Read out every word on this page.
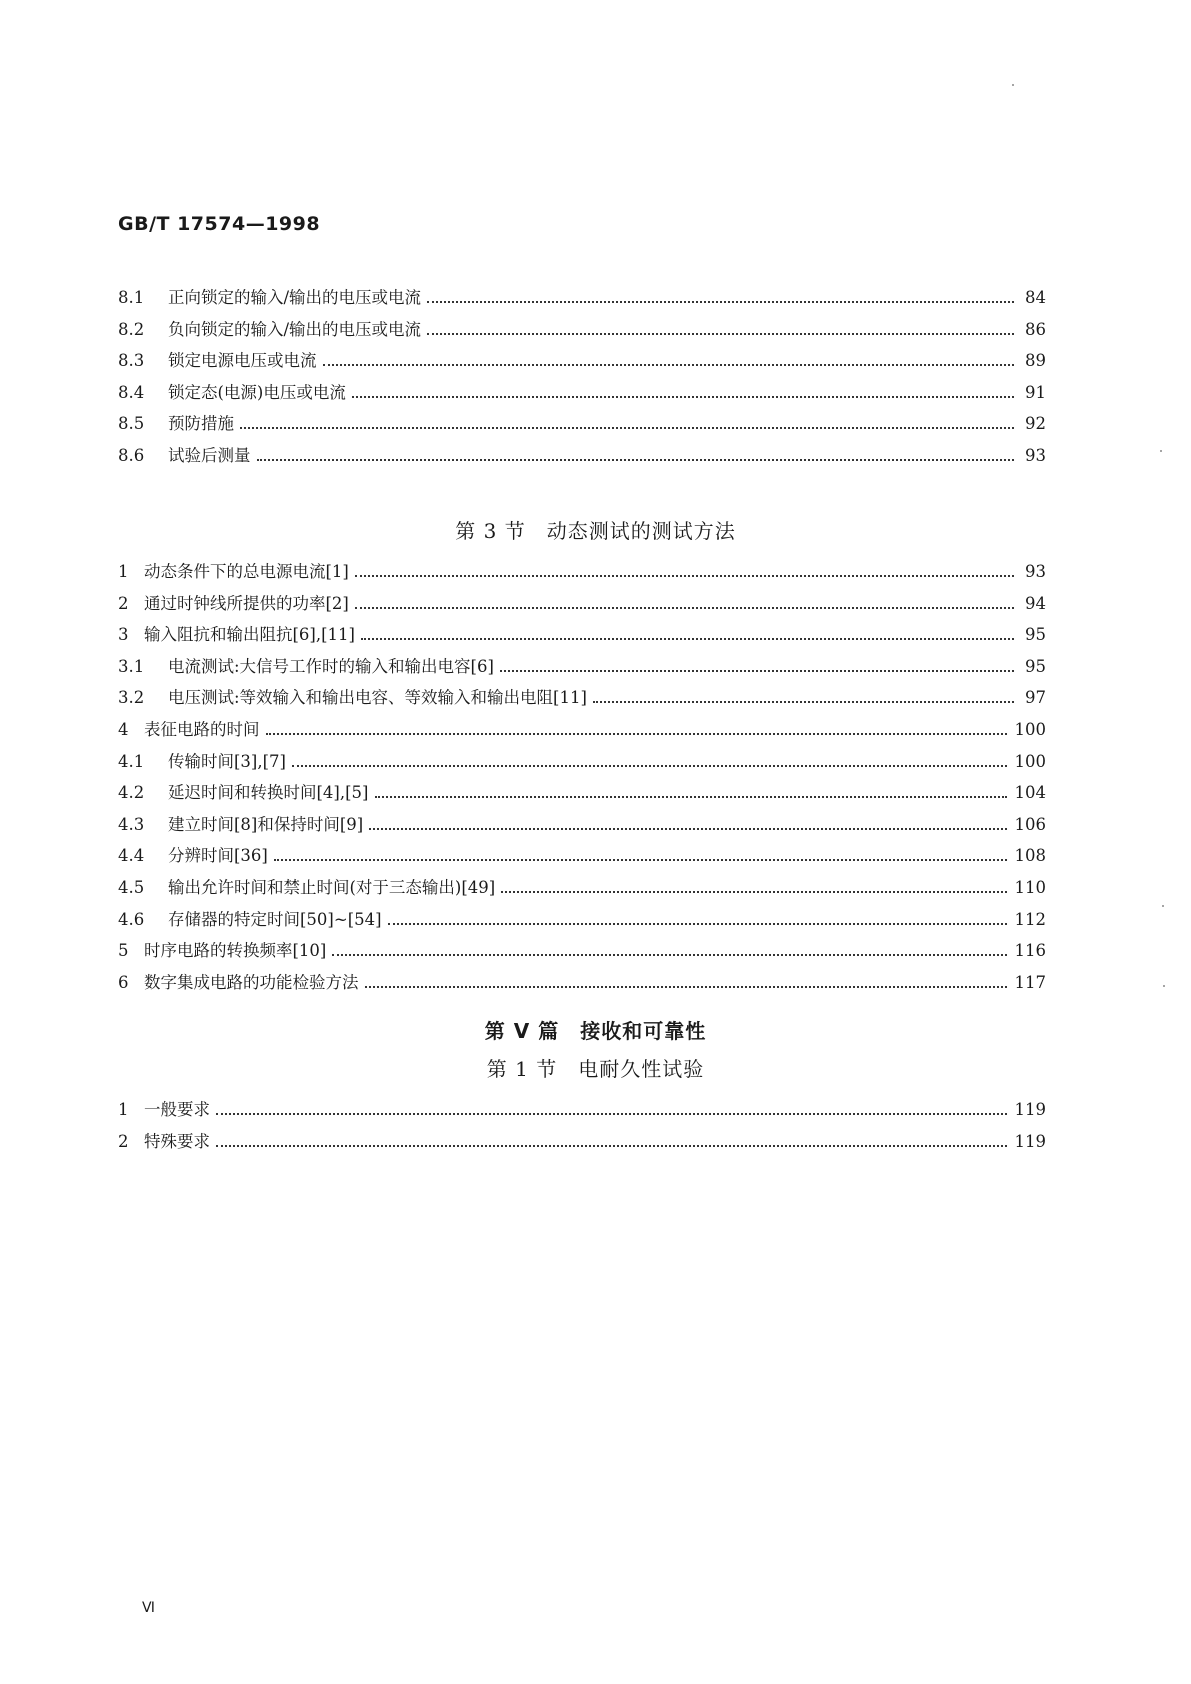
GB/T 17574—1998
8.1	正向锁定的输入/输出的电压或电流	84
8.2	负向锁定的输入/输出的电压或电流	86
8.3	锁定电源电压或电流	89
8.4	锁定态(电源)电压或电流	91
8.5	预防措施	92
8.6	试验后测量	93
第 3 节　动态测试的测试方法
1 动态条件下的总电源电流[1]	93
2 通过时钟线所提供的功率[2]	94
3 输入阻抗和输出阻抗[6],[11]	95
3.1	电流测试:大信号工作时的输入和输出电容[6]	95
3.2	电压测试:等效输入和输出电容、等效输入和输出电阻[11]	97
4 表征电路的时间	100
4.1	传输时间[3],[7]	100
4.2	延迟时间和转换时间[4],[5]	104
4.3	建立时间[8]和保持时间[9]	106
4.4	分辨时间[36]	108
4.5	输出允许时间和禁止时间(对于三态输出)[49]	110
4.6	存储器的特定时间[50]~[54]	112
5 时序电路的转换频率[10]	116
6 数字集成电路的功能检验方法	117
第 V 篇　接收和可靠性
第 1 节　电耐久性试验
1 一般要求	119
2 特殊要求	119
Ⅵ
